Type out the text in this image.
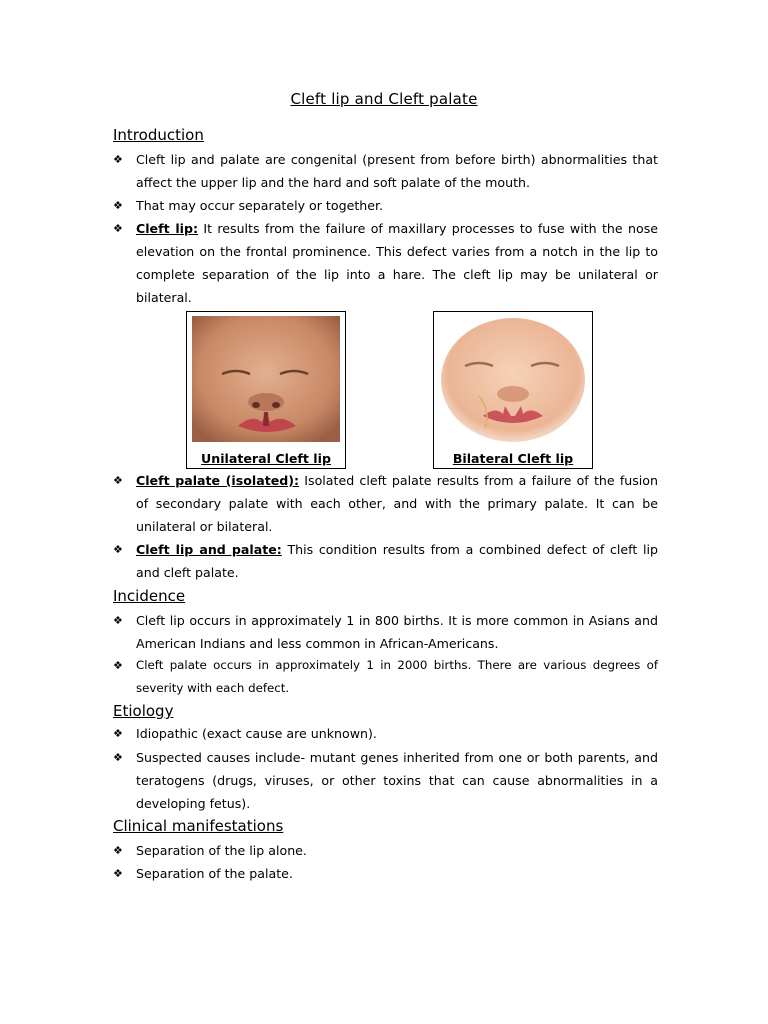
Cleft lip and Cleft palate
Introduction
❖	Cleft lip and palate are congenital (present from before birth) abnormalities that affect the upper lip and the hard and soft palate of the mouth.
❖	That may occur separately or together.
❖	Cleft lip: It results from the failure of maxillary processes to fuse with the nose elevation on the frontal prominence. This defect varies from a notch in the lip to complete separation of the lip into a hare. The cleft lip may be unilateral or bilateral.
Unilateral Cleft lip	Bilateral Cleft lip
❖	Cleft palate (isolated): Isolated cleft palate results from a failure of the fusion of secondary palate with each other, and with the primary palate. It can be unilateral or bilateral.
❖	Cleft lip and palate: This condition results from a combined defect of cleft lip and cleft palate.
Incidence
❖	Cleft lip occurs in approximately 1 in 800 births. It is more common in Asians and American Indians and less common in African-Americans.
❖	Cleft palate occurs in approximately 1 in 2000 births. There are various degrees of severity with each defect.
Etiology
❖	Idiopathic (exact cause are unknown).
❖	Suspected causes include- mutant genes inherited from one or both parents, and teratogens (drugs, viruses, or other toxins that can cause abnormalities in a developing fetus).
Clinical manifestations
❖	Separation of the lip alone.
❖	Separation of the palate.
